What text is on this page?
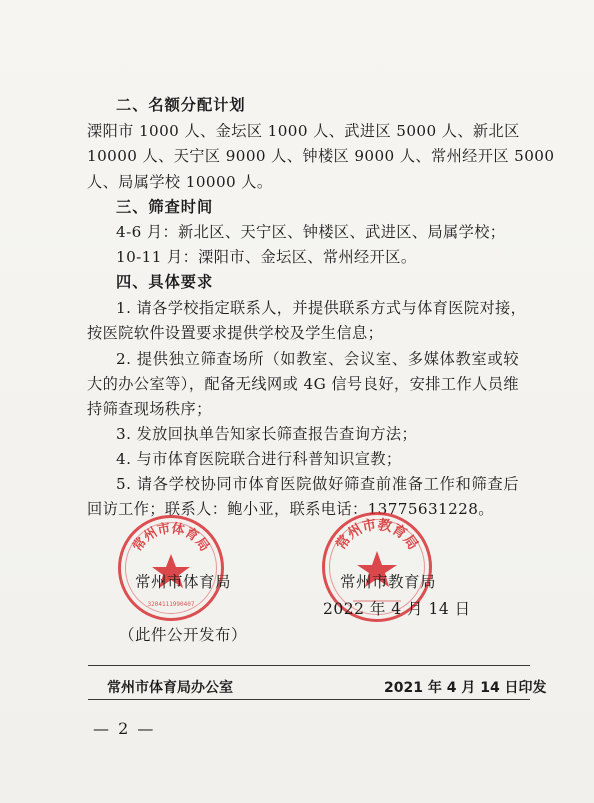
二、名额分配计划
溧阳市 1000 人、金坛区 1000 人、武进区 5000 人、新北区
10000 人、天宁区 9000 人、钟楼区 9000 人、常州经开区 5000
人、局属学校 10000 人。
三、筛查时间
4-6 月：新北区、天宁区、钟楼区、武进区、局属学校；
10-11 月：溧阳市、金坛区、常州经开区。
四、具体要求
1. 请各学校指定联系人，并提供联系方式与体育医院对接，
按医院软件设置要求提供学校及学生信息；
2. 提供独立筛查场所（如教室、会议室、多媒体教室或较
大的办公室等），配备无线网或 4G 信号良好，安排工作人员维
持筛查现场秩序；
3. 发放回执单告知家长筛查报告查询方法；
4. 与市体育医院联合进行科普知识宣教；
5. 请各学校协同市体育医院做好筛查前准备工作和筛查后
回访工作；联系人：鲍小亚，联系电话：13775631228。
常州市体育局
3204111990407
常州市教育局
常州市体育局	常州市教育局
2022 年 4 月 14 日
（此件公开发布）
常州市体育局办公室	2021 年 4 月 14 日印发
— 2 —
